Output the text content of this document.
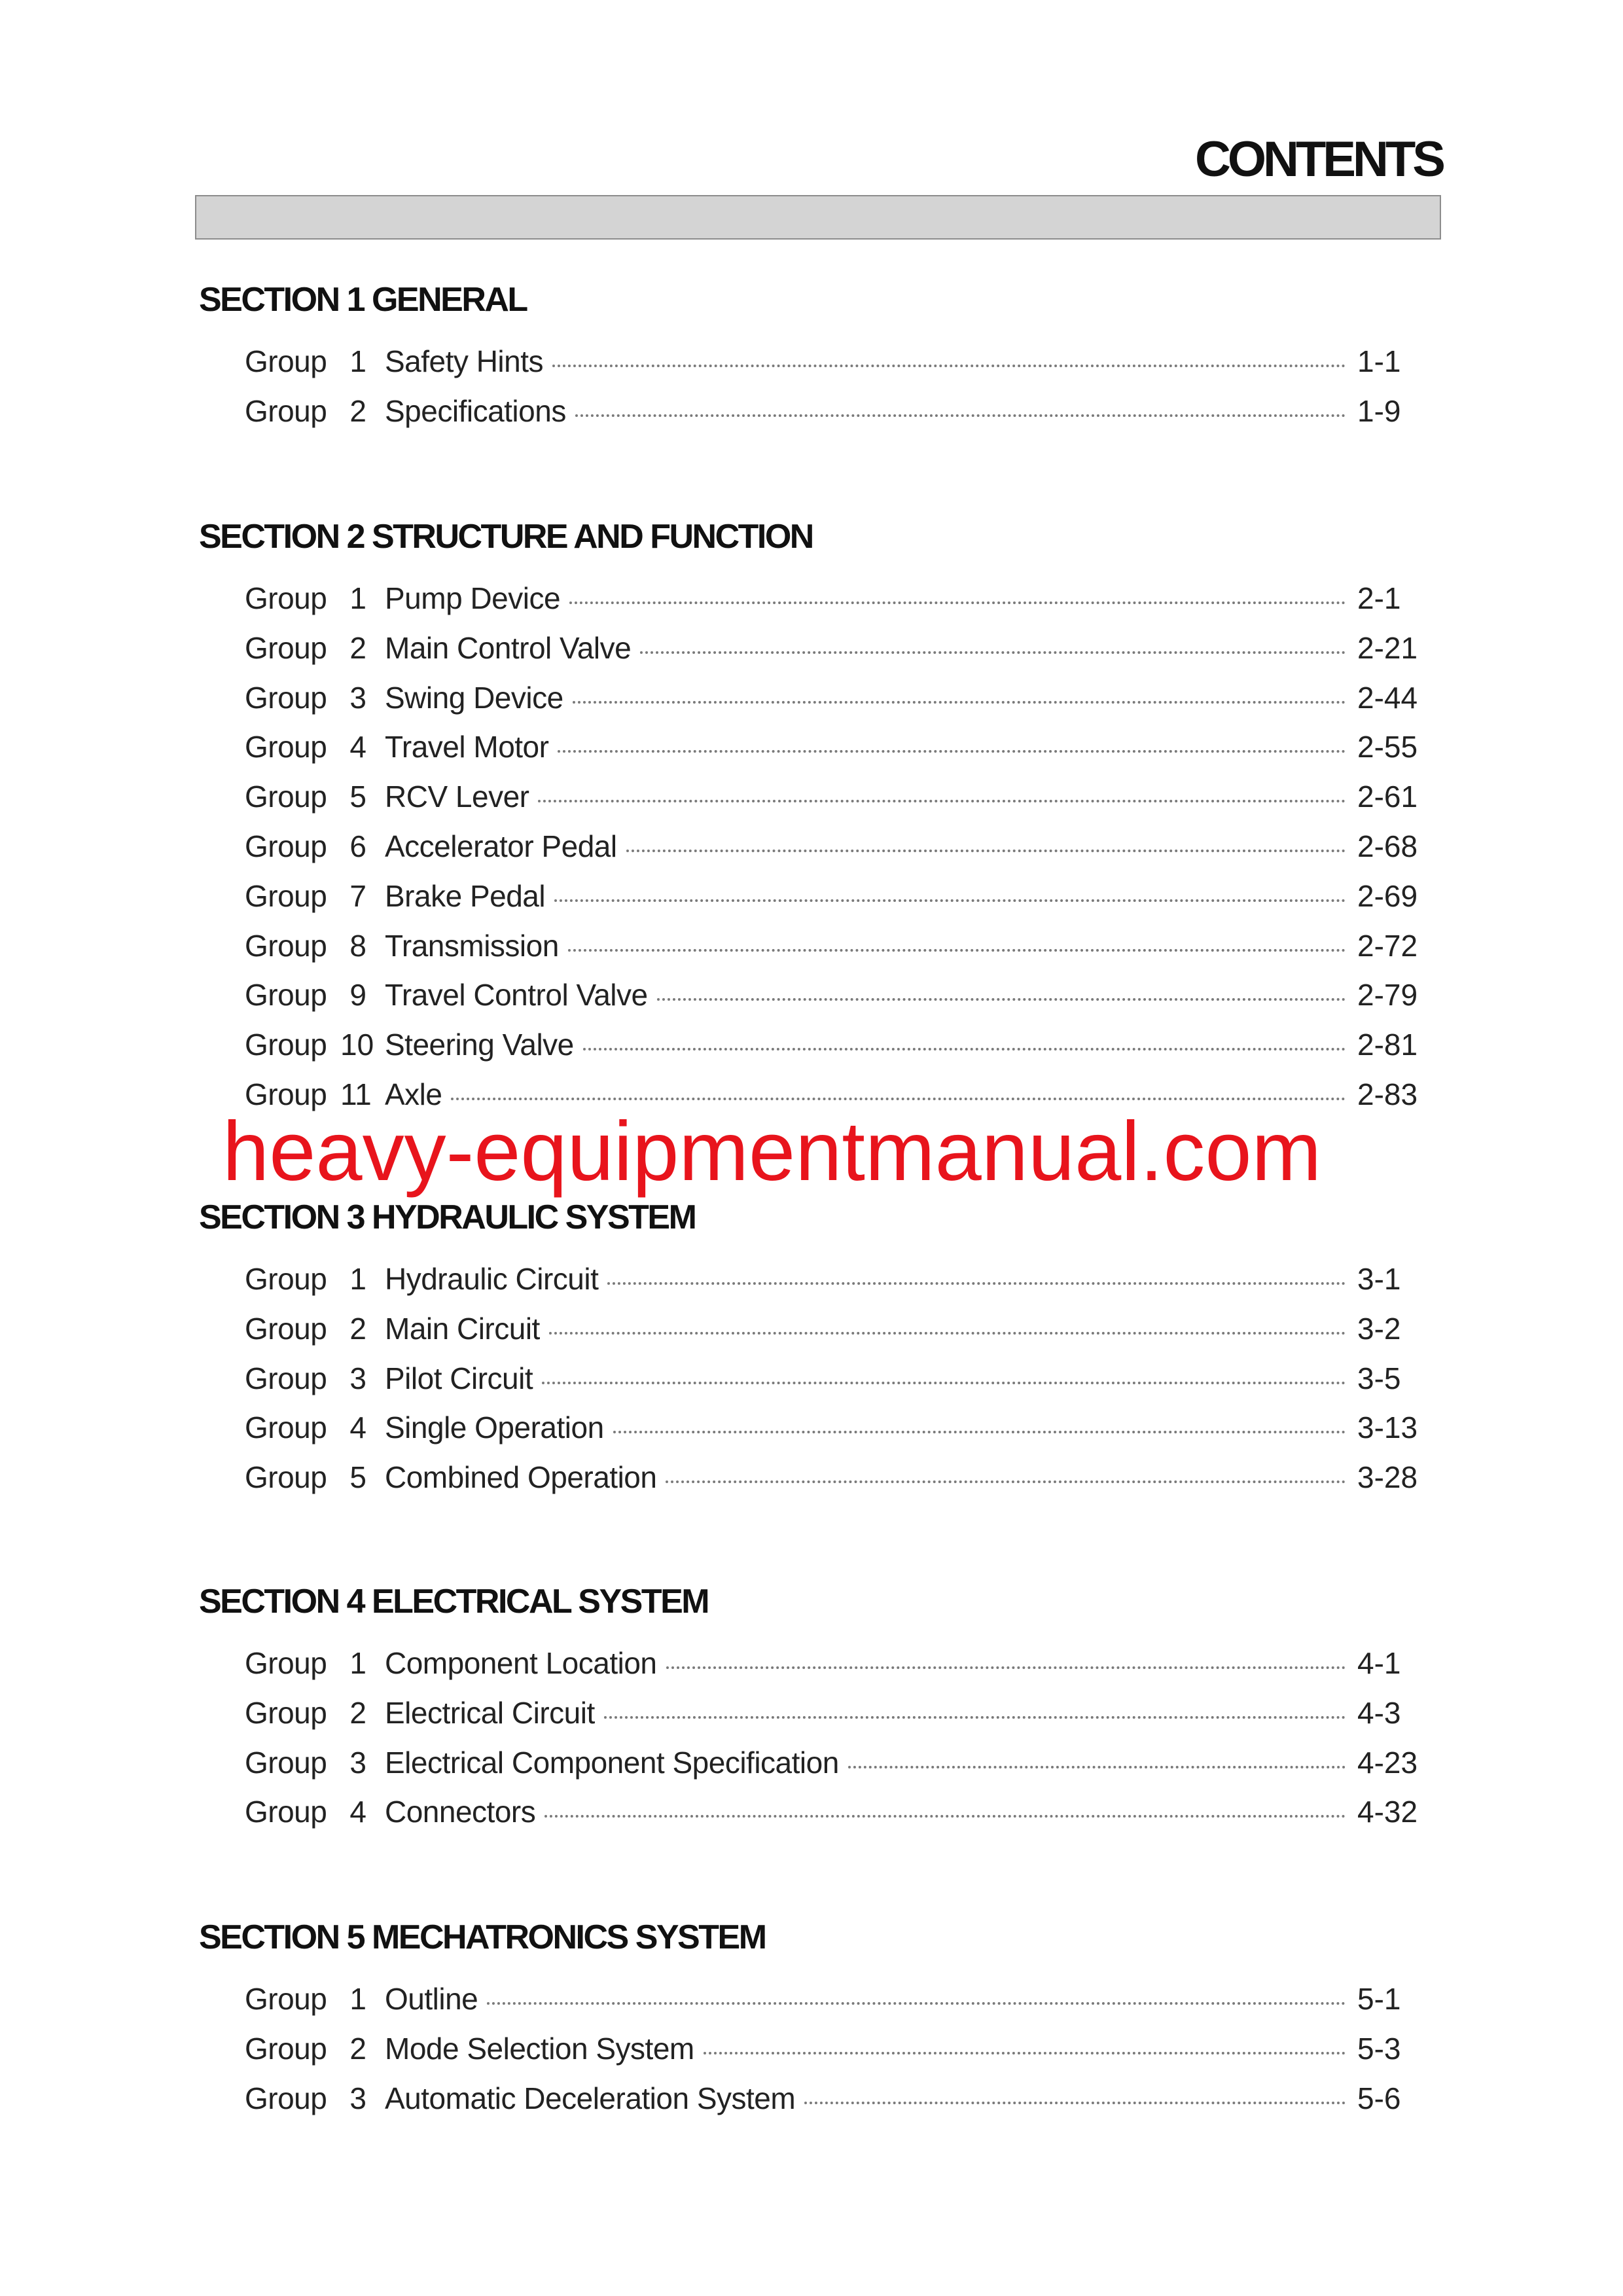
CONTENTS
SECTION 1 GENERAL
Group 1 Safety Hints	1-1
Group 2 Specifications	1-9
SECTION 2 STRUCTURE AND FUNCTION
Group 1 Pump Device	2-1
Group 2 Main Control Valve	2-21
Group 3 Swing Device	2-44
Group 4 Travel Motor	2-55
Group 5 RCV Lever	2-61
Group 6 Accelerator Pedal	2-68
Group 7 Brake Pedal	2-69
Group 8 Transmission	2-72
Group 9 Travel Control Valve	2-79
Group 10 Steering Valve	2-81
Group 11 Axle	2-83
SECTION 3 HYDRAULIC SYSTEM
Group 1 Hydraulic Circuit	3-1
Group 2 Main Circuit	3-2
Group 3 Pilot Circuit	3-5
Group 4 Single Operation	3-13
Group 5 Combined Operation	3-28
SECTION 4 ELECTRICAL SYSTEM
Group 1 Component Location	4-1
Group 2 Electrical Circuit	4-3
Group 3 Electrical Component Specification	4-23
Group 4 Connectors	4-32
SECTION 5 MECHATRONICS SYSTEM
Group 1 Outline	5-1
Group 2 Mode Selection System	5-3
Group 3 Automatic Deceleration System	5-6
heavy-equipmentmanual.com
